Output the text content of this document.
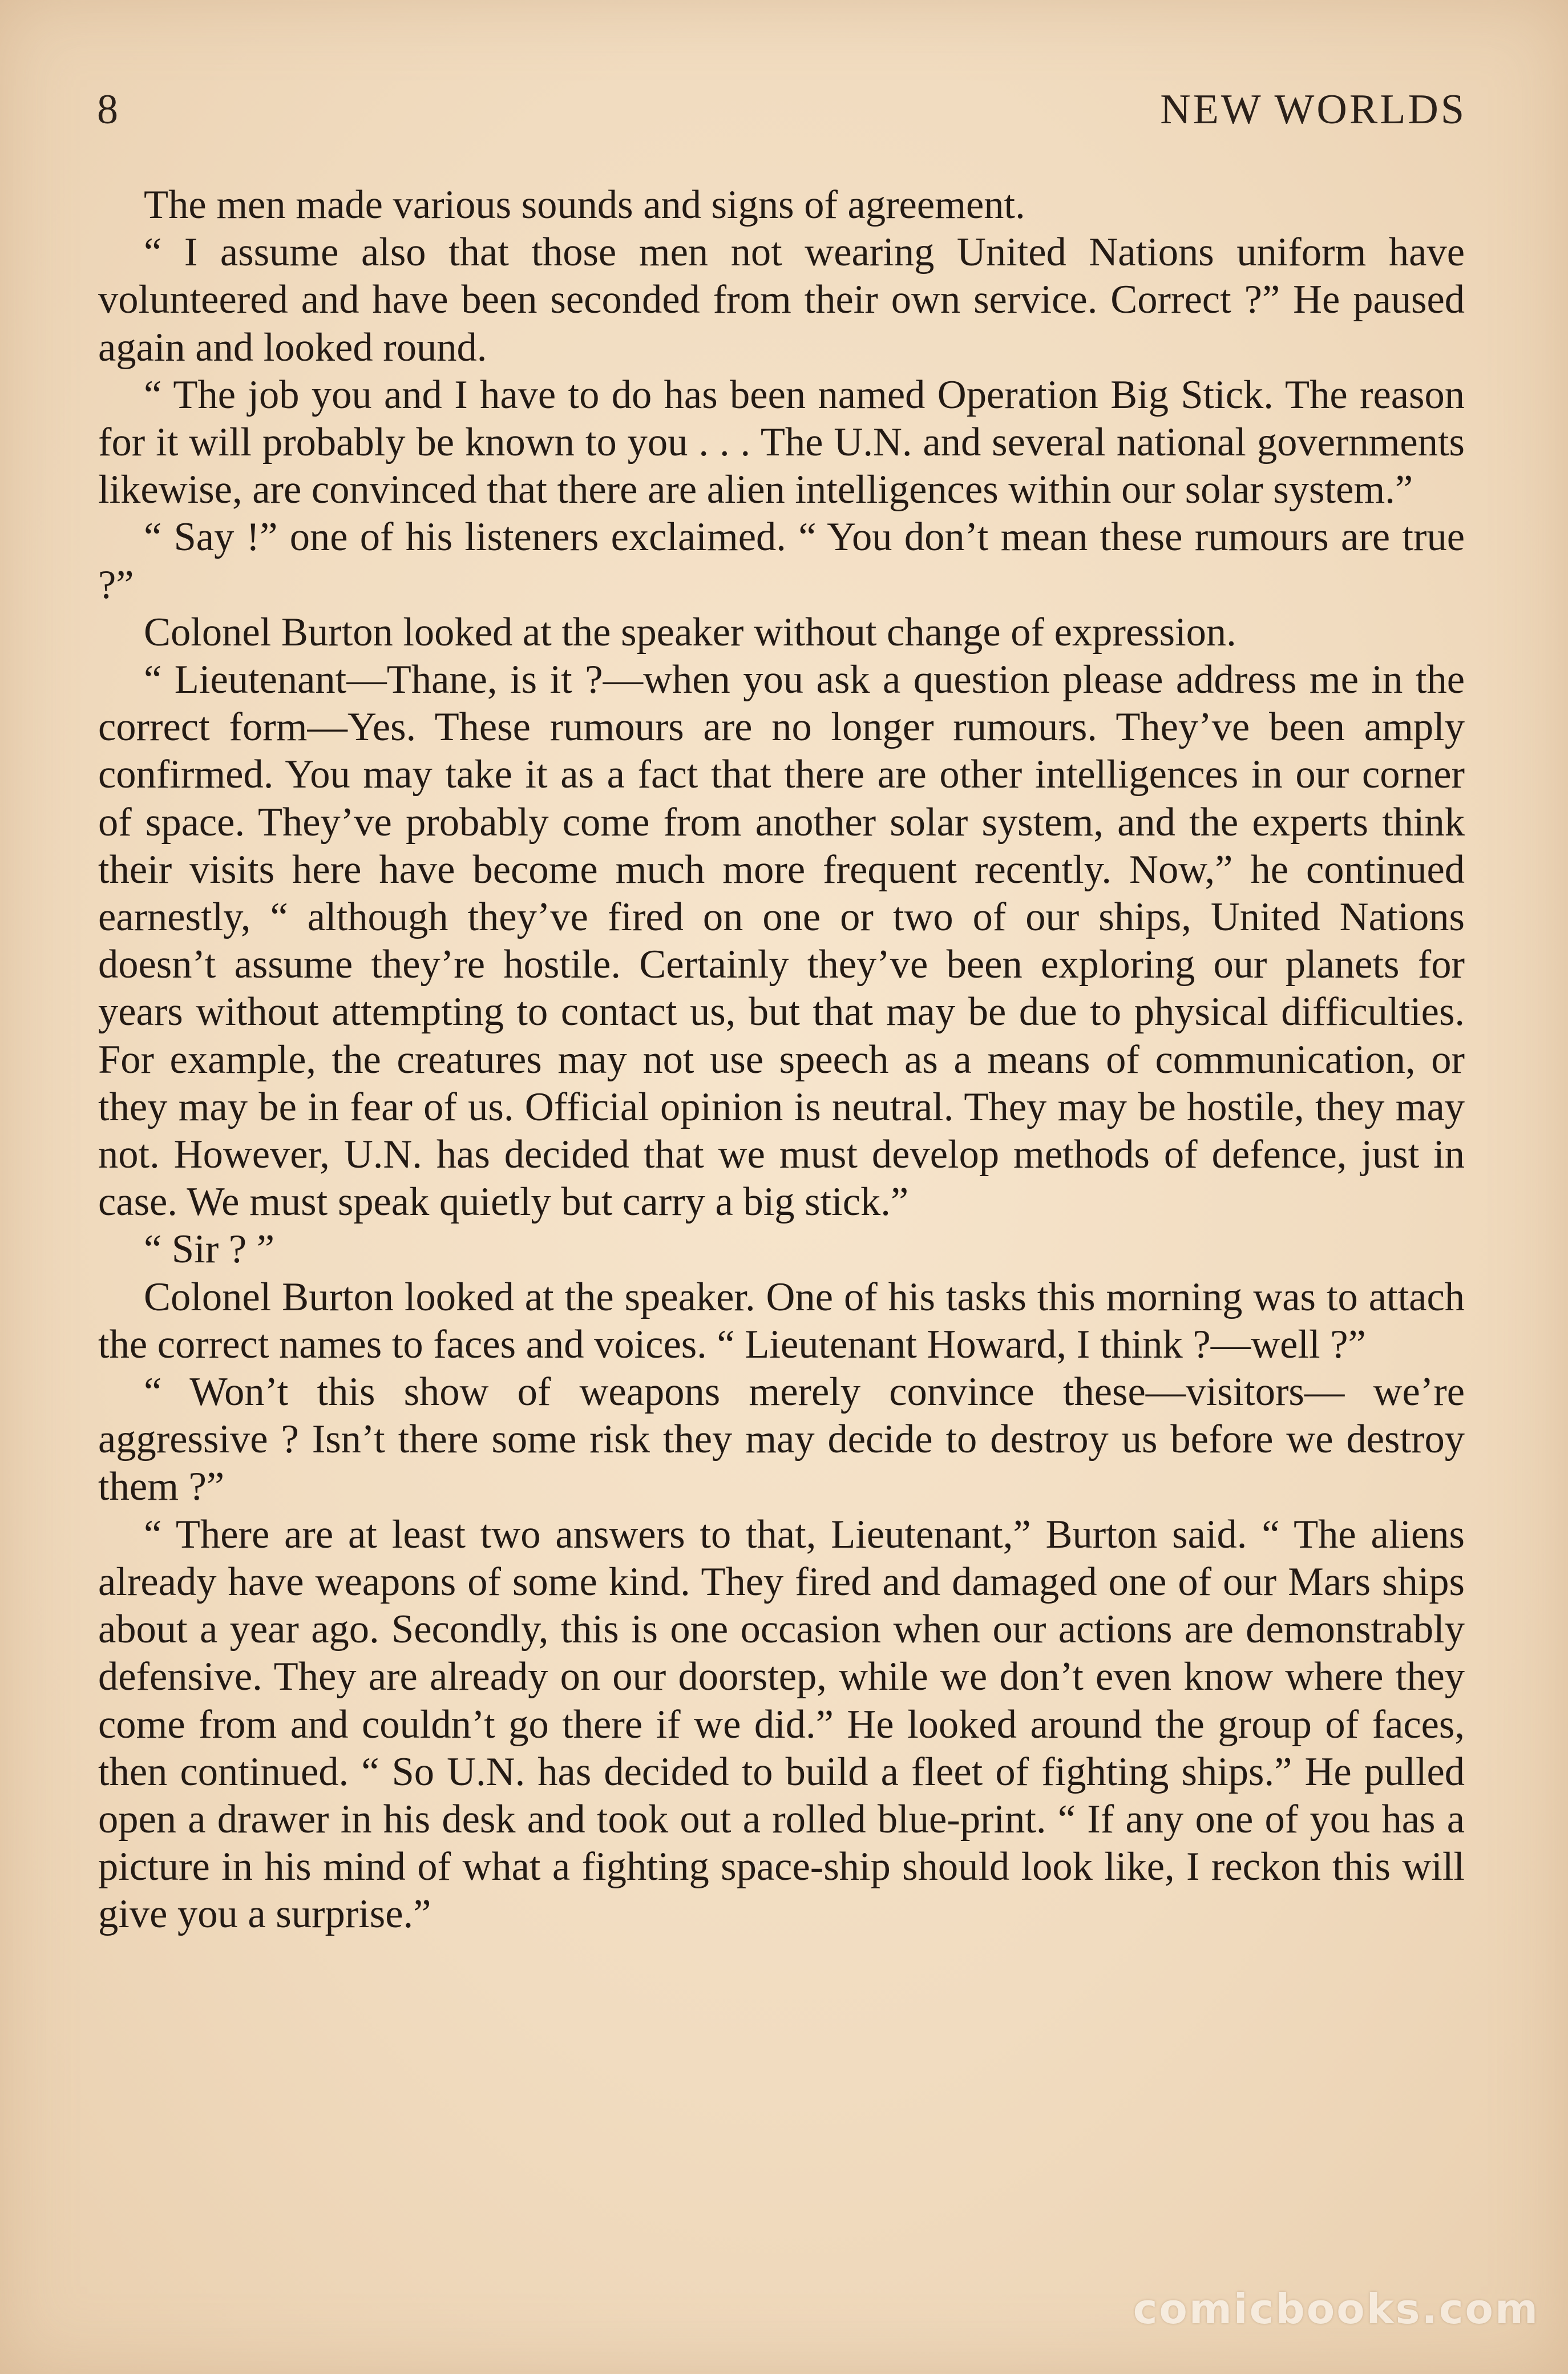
8	NEW WORLDS

The men made various sounds and signs of agreement.

“ I assume also that those men not wearing United Nations uniform have volunteered and have been seconded from their own service. Correct ?” He paused again and looked round.

“ The job you and I have to do has been named Operation Big Stick. The reason for it will probably be known to you . . . The U.N. and several national governments likewise, are convinced that there are alien intelligences within our solar system.”

“ Say !” one of his listeners exclaimed. “ You don’t mean these rumours are true ?”

Colonel Burton looked at the speaker without change of expression.

“ Lieutenant—Thane, is it ?—when you ask a question please address me in the correct form—Yes. These rumours are no longer rumours. They’ve been amply confirmed. You may take it as a fact that there are other intelligences in our corner of space. They’ve probably come from another solar system, and the experts think their visits here have become much more frequent recently. Now,” he continued earnestly, “ although they’ve fired on one or two of our ships, United Nations doesn’t assume they’re hostile. Certainly they’ve been exploring our planets for years without attempting to contact us, but that may be due to physical difficulties. For example, the creatures may not use speech as a means of communication, or they may be in fear of us. Official opinion is neutral. They may be hostile, they may not. However, U.N. has decided that we must develop methods of defence, just in case. We must speak quietly but carry a big stick.”

“ Sir ? ”

Colonel Burton looked at the speaker. One of his tasks this morning was to attach the correct names to faces and voices. “ Lieutenant Howard, I think ?—well ?”

“ Won’t this show of weapons merely convince these—visitors— we’re aggressive ? Isn’t there some risk they may decide to destroy us before we destroy them ?”

“ There are at least two answers to that, Lieutenant,” Burton said. “ The aliens already have weapons of some kind. They fired and damaged one of our Mars ships about a year ago. Secondly, this is one occasion when our actions are demonstrably defensive. They are already on our doorstep, while we don’t even know where they come from and couldn’t go there if we did.” He looked around the group of faces, then continued. “ So U.N. has decided to build a fleet of fighting ships.” He pulled open a drawer in his desk and took out a rolled blue-print. “ If any one of you has a picture in his mind of what a fighting space-ship should look like, I reckon this will give you a surprise.”

comicbooks.com
